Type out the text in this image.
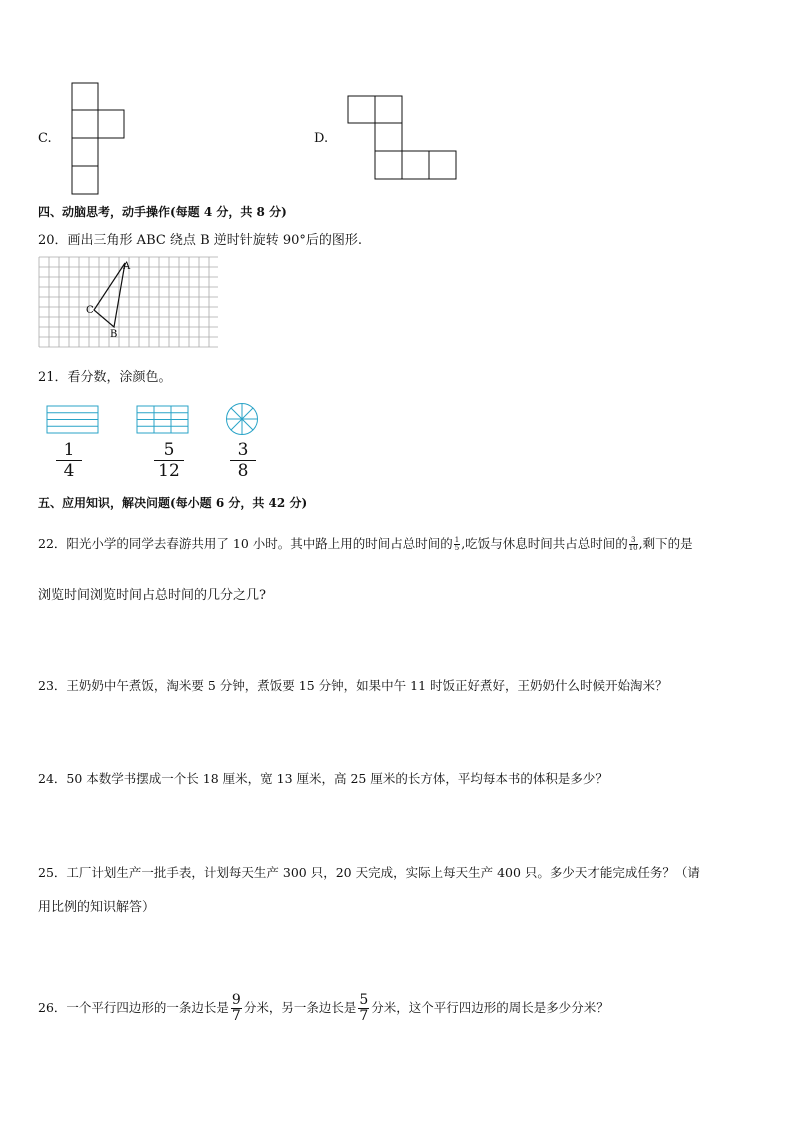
C.	D.
四、动脑思考，动手操作(每题 4 分，共 8 分)
20．画出三角形 ABC 绕点 B 逆时针旋转 90°后的图形.
A
C
B
21．看分数，涂颜色。
$\frac{1}{4}$	$\frac{5}{12}$	$\frac{3}{8}$
五、应用知识，解决问题(每小题 6 分，共 42 分)
22．阳光小学的同学去春游共用了 10 小时。其中路上用的时间占总时间的 $\frac{1}{5}$ ,吃饭与休息时间共占总时间的 $\frac{3}{10}$ ,剩下的是
浏览时间浏览时间占总时间的几分之几?
23．王奶奶中午煮饭，淘米要 5 分钟，煮饭要 15 分钟，如果中午 11 时饭正好煮好，王奶奶什么时候开始淘米？
24．50 本数学书摆成一个长 18 厘米，宽 13 厘米，高 25 厘米的长方体，平均每本书的体积是多少？
25．工厂计划生产一批手表，计划每天生产 300 只，20 天完成，实际上每天生产 400 只。多少天才能完成任务？（请
用比例的知识解答）
26．一个平行四边形的一条边长是 $\frac{9}{7}$ 分米，另一条边长是 $\frac{5}{7}$ 分米，这个平行四边形的周长是多少分米？
